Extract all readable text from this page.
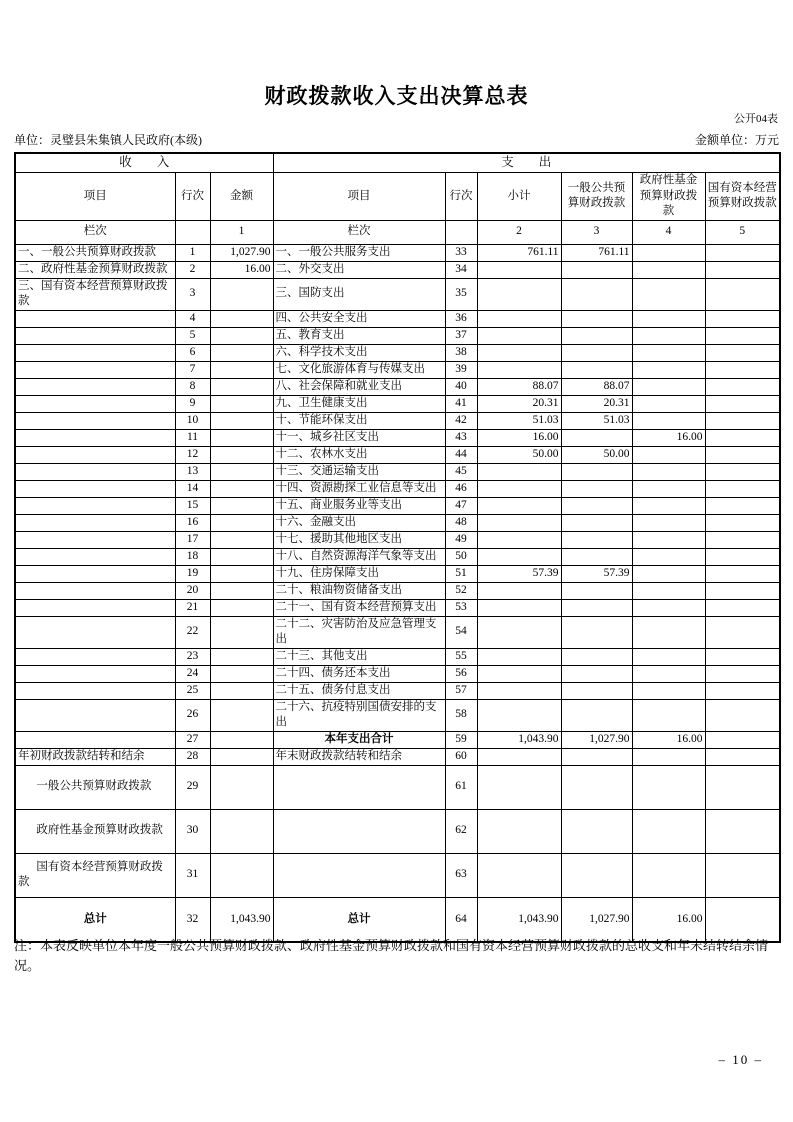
财政拨款收入支出决算总表
公开04表
单位：灵璧县朱集镇人民政府(本级)	金额单位：万元
收　　入			支　　出					
项目	行次	金额	项目	行次	小计	一般公共预算财政拨款	政府性基金预算财政拨款	国有资本经营预算财政拨款
栏次		1	栏次		2	3	4	5
一、一般公共预算财政拨款	1	1,027.90	一、一般公共服务支出	33	761.11	761.11		
二、政府性基金预算财政拨款	2	16.00	二、外交支出	34				
三、国有资本经营预算财政拨款	3		三、国防支出	35				
	4		四、公共安全支出	36				
	5		五、教育支出	37				
	6		六、科学技术支出	38				
	7		七、文化旅游体育与传媒支出	39				
	8		八、社会保障和就业支出	40	88.07	88.07		
	9		九、卫生健康支出	41	20.31	20.31		
	10		十、节能环保支出	42	51.03	51.03		
	11		十一、城乡社区支出	43	16.00		16.00	
	12		十二、农林水支出	44	50.00	50.00		
	13		十三、交通运输支出	45				
	14		十四、资源勘探工业信息等支出	46				
	15		十五、商业服务业等支出	47				
	16		十六、金融支出	48				
	17		十七、援助其他地区支出	49				
	18		十八、自然资源海洋气象等支出	50				
	19		十九、住房保障支出	51	57.39	57.39		
	20		二十、粮油物资储备支出	52				
	21		二十一、国有资本经营预算支出	53				
	22		二十二、灾害防治及应急管理支出	54				
	23		二十三、其他支出	55				
	24		二十四、债务还本支出	56				
	25		二十五、债务付息支出	57				
	26		二十六、抗疫特别国债安排的支出	58				
	27		本年支出合计	59	1,043.90	1,027.90	16.00	
年初财政拨款结转和结余	28		年末财政拨款结转和结余	60				
一般公共预算财政拨款	29			61				
政府性基金预算财政拨款	30			62				
国有资本经营预算财政拨款	31			63				
总计	32	1,043.90	总计	64	1,043.90	1,027.90	16.00	
注：本表反映单位本年度一般公共预算财政拨款、政府性基金预算财政拨款和国有资本经营预算财政拨款的总收支和年末结转结余情况。
– 10 –
